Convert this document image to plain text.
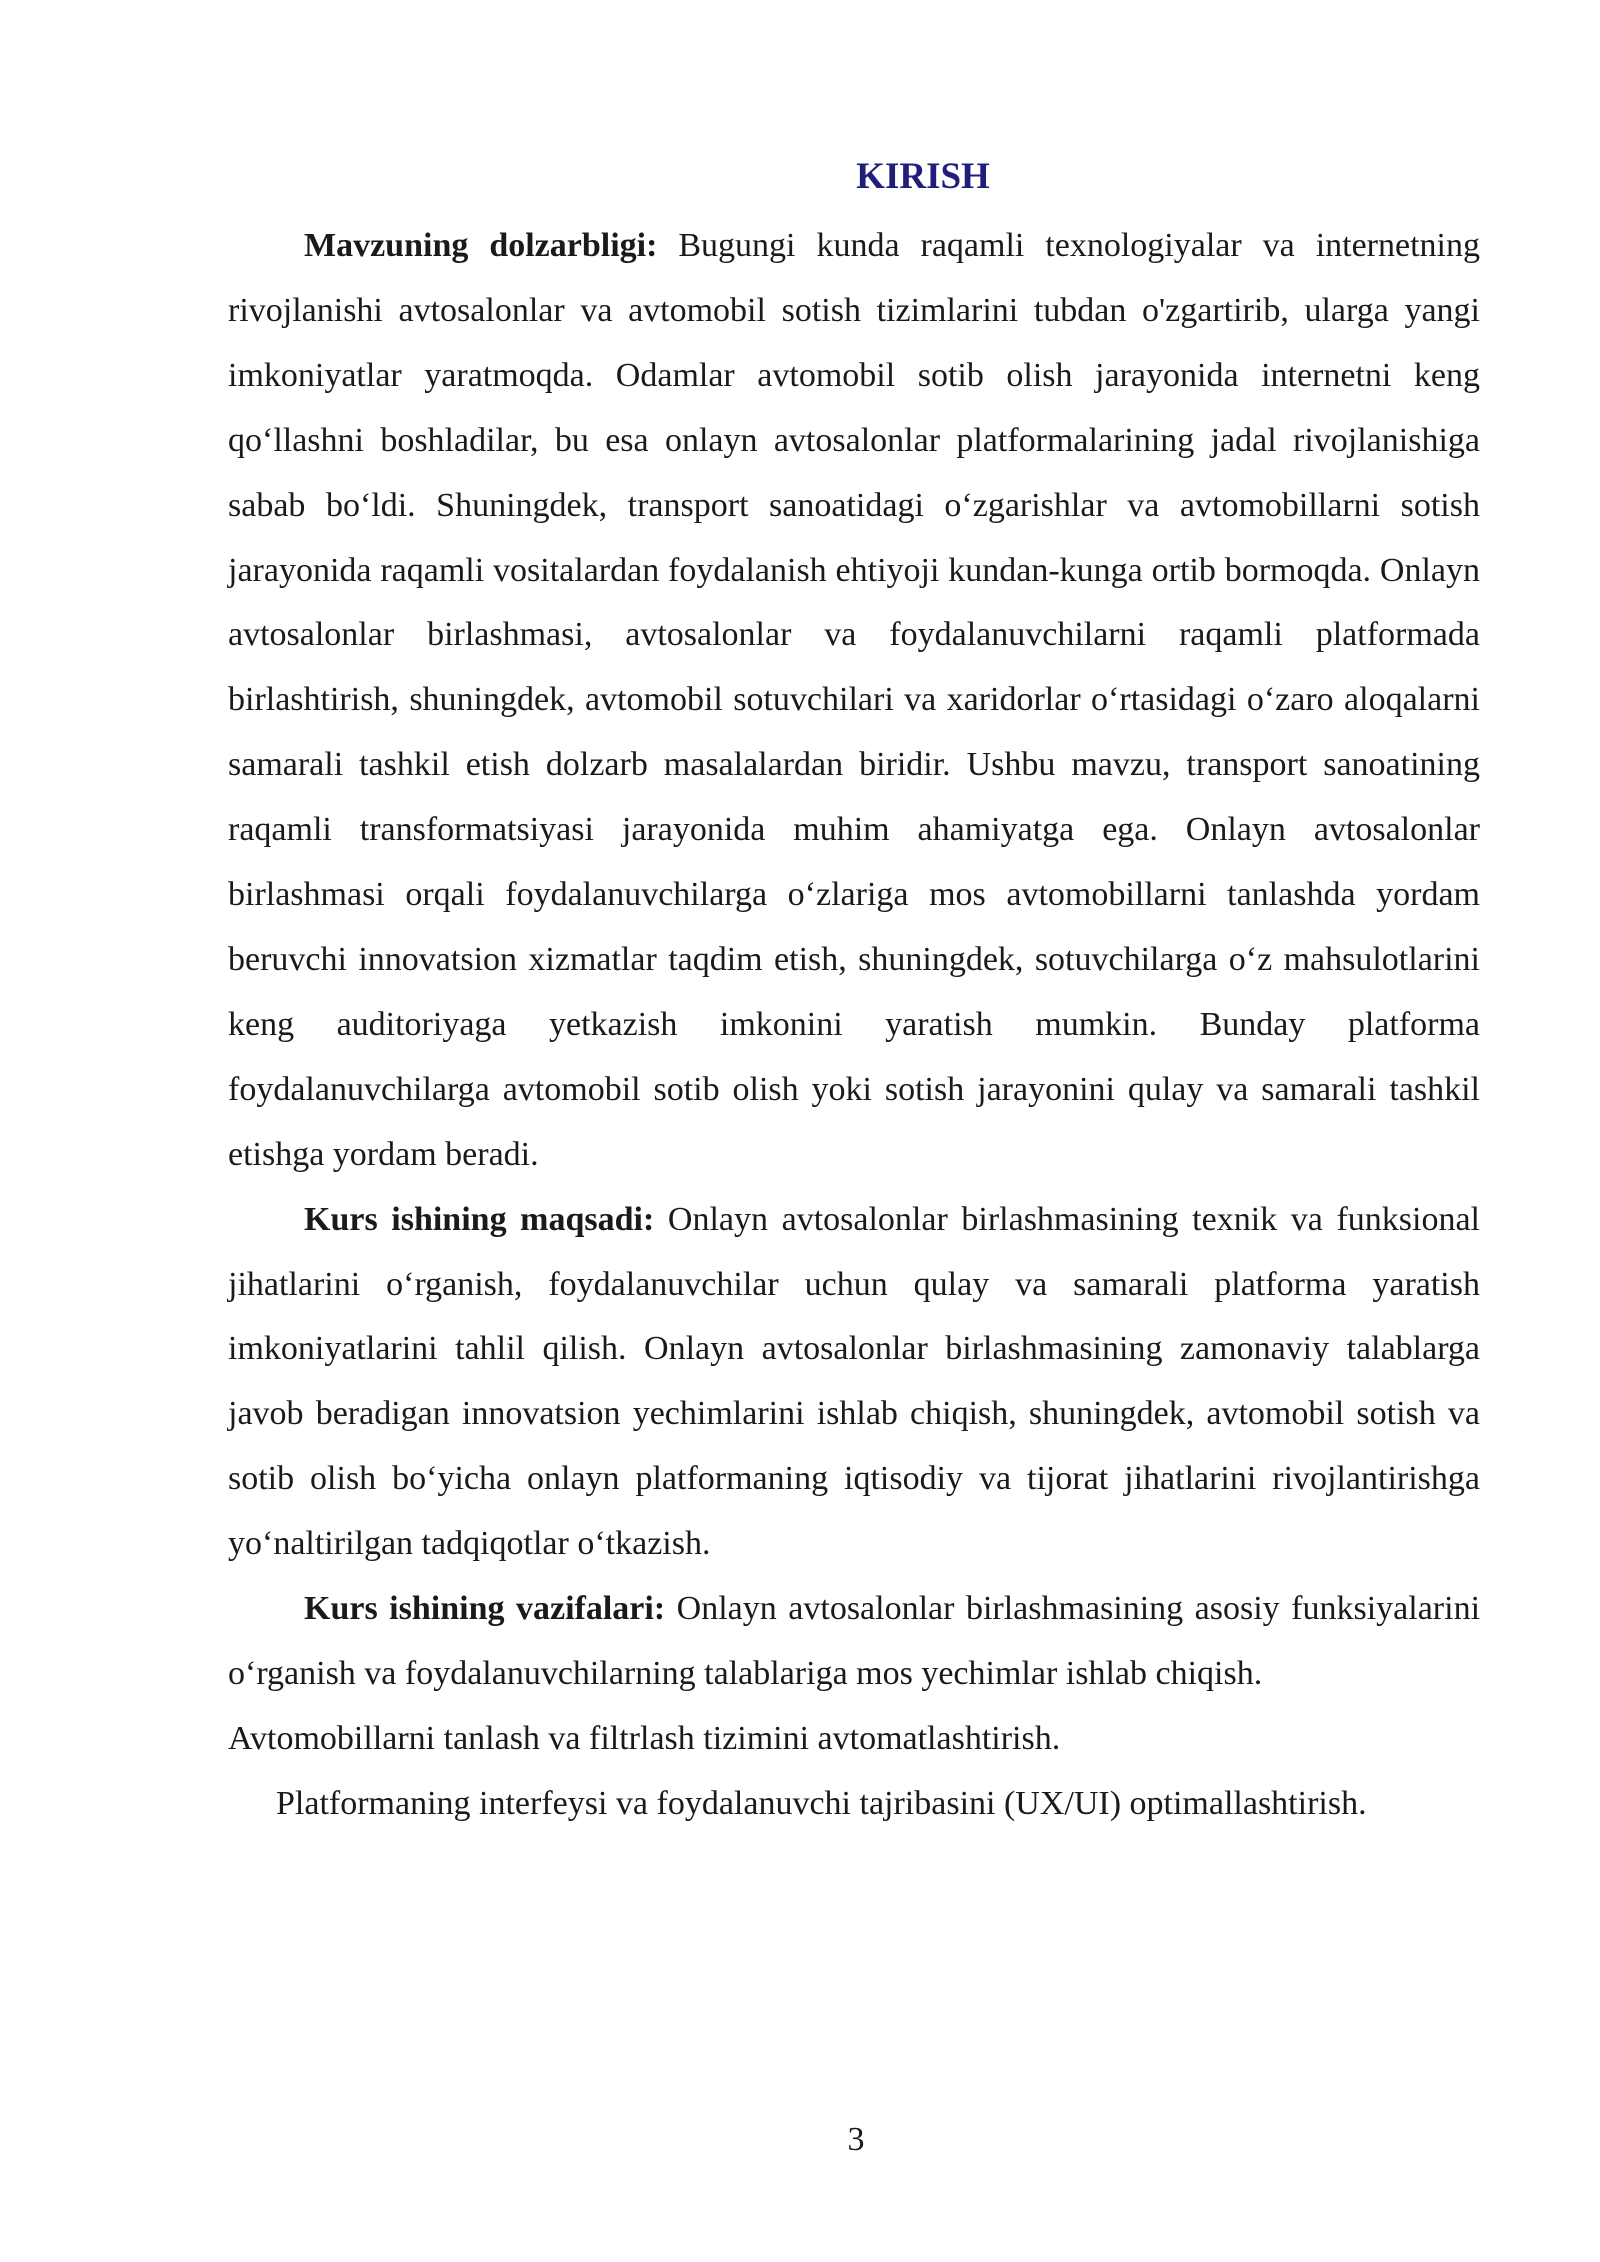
KIRISH

Mavzuning dolzarbligi: Bugungi kunda raqamli texnologiyalar va internetning rivojlanishi avtosalonlar va avtomobil sotish tizimlarini tubdan o'zgartirib, ularga yangi imkoniyatlar yaratmoqda. Odamlar avtomobil sotib olish jarayonida internetni keng qo‘llashni boshladilar, bu esa onlayn avtosalonlar platformalarining jadal rivojlanishiga sabab bo‘ldi. Shuningdek, transport sanoatidagi o‘zgarishlar va avtomobillarni sotish jarayonida raqamli vositalardan foydalanish ehtiyoji kundan-kunga ortib bormoqda. Onlayn avtosalonlar birlashmasi, avtosalonlar va foydalanuvchilarni raqamli platformada birlashtirish, shuningdek, avtomobil sotuvchilari va xaridorlar o‘rtasidagi o‘zaro aloqalarni samarali tashkil etish dolzarb masalalardan biridir. Ushbu mavzu, transport sanoatining raqamli transformatsiyasi jarayonida muhim ahamiyatga ega. Onlayn avtosalonlar birlashmasi orqali foydalanuvchilarga o‘zlariga mos avtomobillarni tanlashda yordam beruvchi innovatsion xizmatlar taqdim etish, shuningdek, sotuvchilarga o‘z mahsulotlarini keng auditoriyaga yetkazish imkonini yaratish mumkin. Bunday platforma foydalanuvchilarga avtomobil sotib olish yoki sotish jarayonini qulay va samarali tashkil etishga yordam beradi.

Kurs ishining maqsadi: Onlayn avtosalonlar birlashmasining texnik va funksional jihatlarini o‘rganish, foydalanuvchilar uchun qulay va samarali platforma yaratish imkoniyatlarini tahlil qilish. Onlayn avtosalonlar birlashmasining zamonaviy talablarga javob beradigan innovatsion yechimlarini ishlab chiqish, shuningdek, avtomobil sotish va sotib olish bo‘yicha onlayn platformaning iqtisodiy va tijorat jihatlarini rivojlantirishga yo‘naltirilgan tadqiqotlar o‘tkazish.

Kurs ishining vazifalari: Onlayn avtosalonlar birlashmasining asosiy funksiyalarini o‘rganish va foydalanuvchilarning talablariga mos yechimlar ishlab chiqish.

Avtomobillarni tanlash va filtrlash tizimini avtomatlashtirish.

Platformaning interfeysi va foydalanuvchi tajribasini (UX/UI) optimallashtirish.

3
